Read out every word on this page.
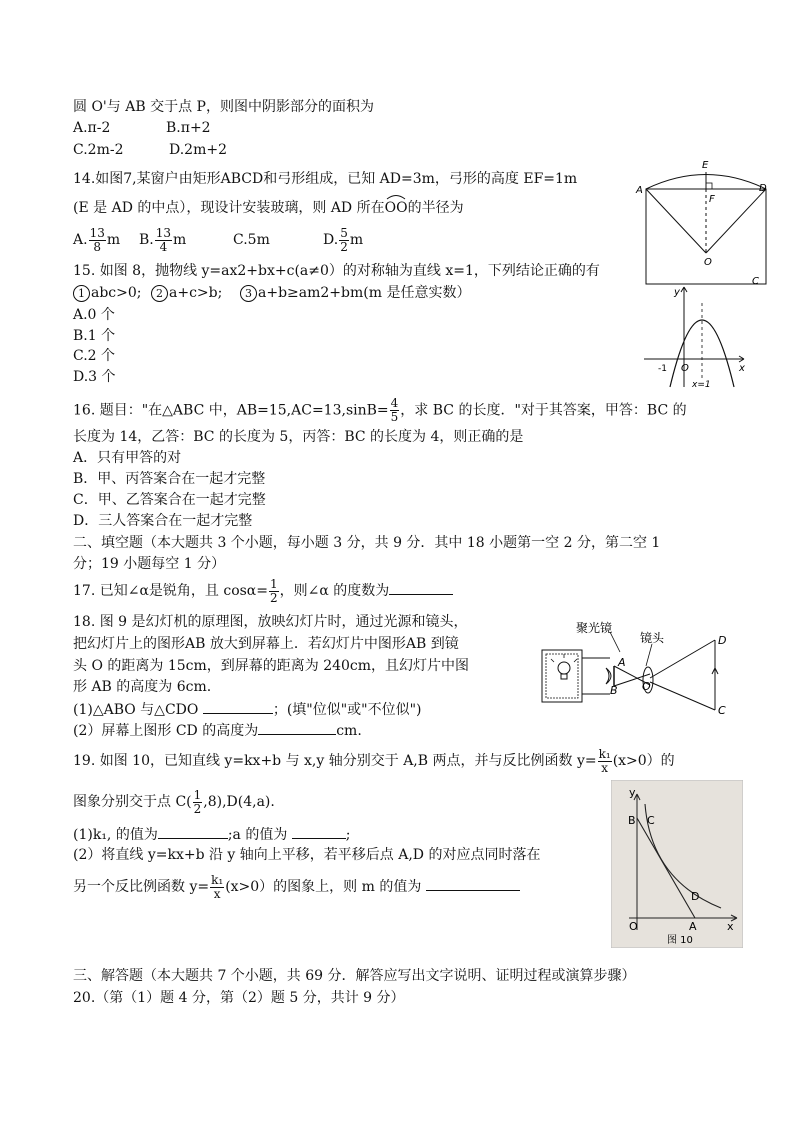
圆 O'与 AB 交于点 P，则图中阴影部分的面积为
A.π-2	B.π+2
C.2m-2	D.2m+2
14.如图7,某窗户由矩形ABCD和弓形组成，已知 AD=3m，弓形的高度 EF=1m
(E 是 AD 的中点），现设计安装玻璃，则 AD 所在
OO的半径为
A. $\frac{13}{8}$ m B. $\frac{13}{4}$ m	C.5m	D. $\frac{5}{2}$ m
E
F
A	D
O
C
15. 如图 8，抛物线 y=ax2+bx+c(a≠0）的对称轴为直线 x=1，下列结论正确的有
1 abc>0;	2 a+c>b;	3 a+b≥am2+bm(m 是任意实数）
A.0 个
B.1 个
C.2 个
D.3 个
y
x
O
-1
x=1
16. 题目："在△ABC 中，$AB=15,AC=13,\sin B= \frac{4}{5}$ ，求 BC 的长度．"对于其答案，甲答：BC 的
长度为 14，乙答：BC 的长度为 5，丙答：BC 的长度为 4，则正确的是
A．只有甲答的对
B．甲、丙答案合在一起才完整
C．甲、乙答案合在一起才完整
D．三人答案合在一起才完整
二、填空题（本大题共 3 个小题，每小题 3 分，共 9 分．其中 18 小题第一空 2 分，第二空 1
分；19 小题每空 1 分）
17. 已知∠α是锐角，且 $\cos\alpha= \frac{1}{2}$ ，则∠α 的度数为
18. 图 9 是幻灯机的原理图，放映幻灯片时，通过光源和镜头，
把幻灯片上的图形AB 放大到屏幕上．若幻灯片中图形AB 到镜
头 O 的距离为 15cm，到屏幕的距离为 240cm，且幻灯片中图
形 AB 的高度为 6cm.
(1)△ABO 与△CDO	；(填"位似"或"不位似")
(2）屏幕上图形 CD 的高度为	cm.
聚光镜
镜头
A
B O
D
C
19. 如图 10，已知直线 y=kx+b 与 x,y 轴分别交于 A,B 两点，并与反比例函数 $y= \frac{\text{k₁}}{x} (x>0)$的
图象分别交于点 $C( \frac{1}{2} ,8),D(4,a)$.
(1)k₁, 的值为	;a 的值为	;
(2）将直线 y=kx+b 沿 y 轴向上平移，若平移后点 A,D 的对应点同时落在
另一个反比例函数 $y= \frac{\text{k₁}}{x} (x>0)$的图象上，则 m 的值为
y
B C
D
O	A	x
图 10
三、解答题（本大题共 7 个小题，共 69 分．解答应写出文字说明、证明过程或演算步骤）
20.（第（1）题 4 分，第（2）题 5 分，共计 9 分）
